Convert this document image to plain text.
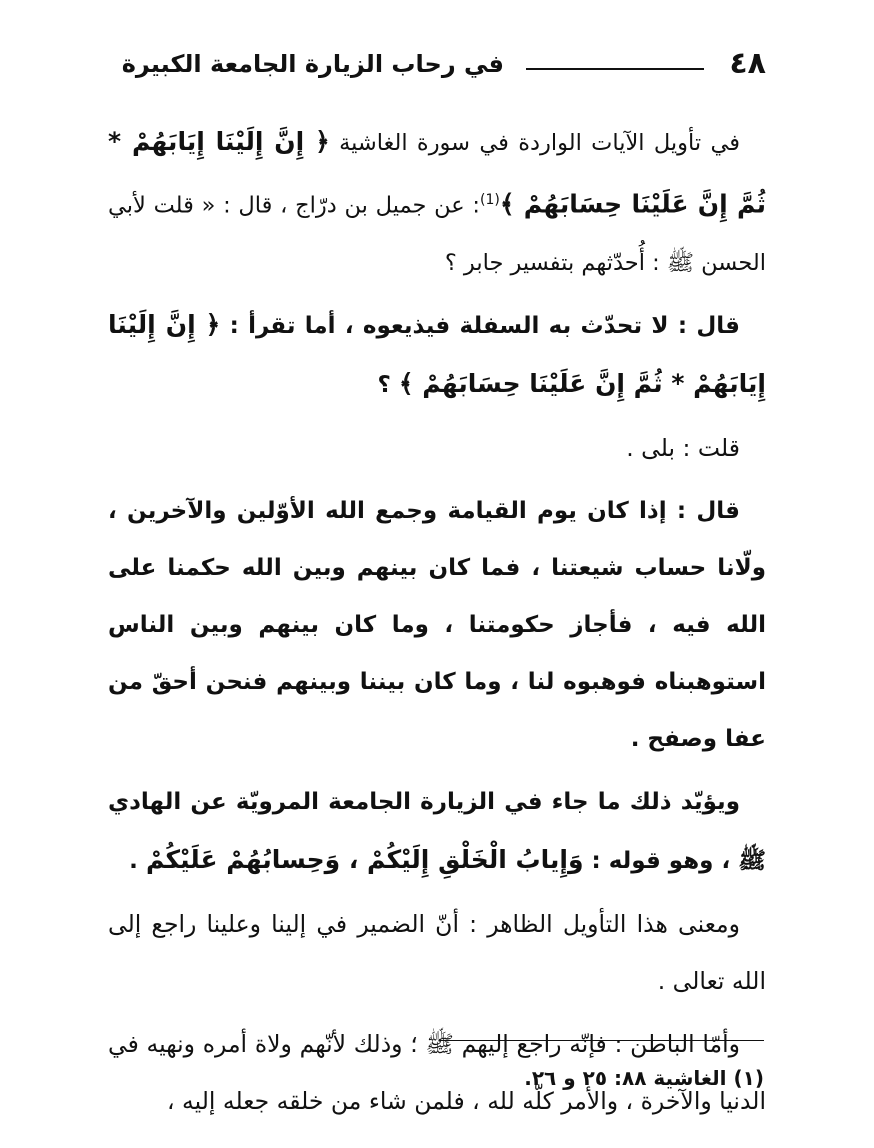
٤٨
في رحاب الزيارة الجامعة الكبيرة

في تأويل الآيات الواردة في سورة الغاشية ﴿ إِنَّ إِلَيْنَا إِيَابَهُمْ * ثُمَّ إِنَّ عَلَيْنَا حِسَابَهُمْ ﴾$^{(1)}$: عن جميل بن درّاج ، قال : « قلت لأبي الحسن ﷺ : أُحدّثهم بتفسير جابر ؟

قال : لا تحدّث به السفلة فيذيعوه ، أما تقرأ : ﴿ إِنَّ إِلَيْنَا إِيَابَهُمْ * ثُمَّ إِنَّ عَلَيْنَا حِسَابَهُمْ ﴾ ؟

قلت : بلى .

قال : إذا كان يوم القيامة وجمع الله الأوّلين والآخرين ، ولّانا حساب شيعتنا ، فما كان بينهم وبين الله حكمنا على الله فيه ، فأجاز حكومتنا ، وما كان بينهم وبين الناس استوهبناه فوهبوه لنا ، وما كان بيننا وبينهم فنحن أحقّ من عفا وصفح .

ويؤيّد ذلك ما جاء في الزيارة الجامعة المرويّة عن الهادي ﷺ ، وهو قوله : وَإِيابُ الْخَلْقِ إِلَيْكُمْ ، وَحِسابُهُمْ عَلَيْكُمْ .

ومعنى هذا التأويل الظاهر : أنّ الضمير في إلينا وعلينا راجع إلى الله تعالى .

وأمّا الباطن : فإنّه راجع إليهم ﷺ ؛ وذلك لأنّهم ولاة أمره ونهيه في الدنيا والآخرة ، والأمر كلّه لله ، فلمن شاء من خلقه جعله إليه ،

(١) الغاشية ٨٨: ٢٥ و ٢٦.
